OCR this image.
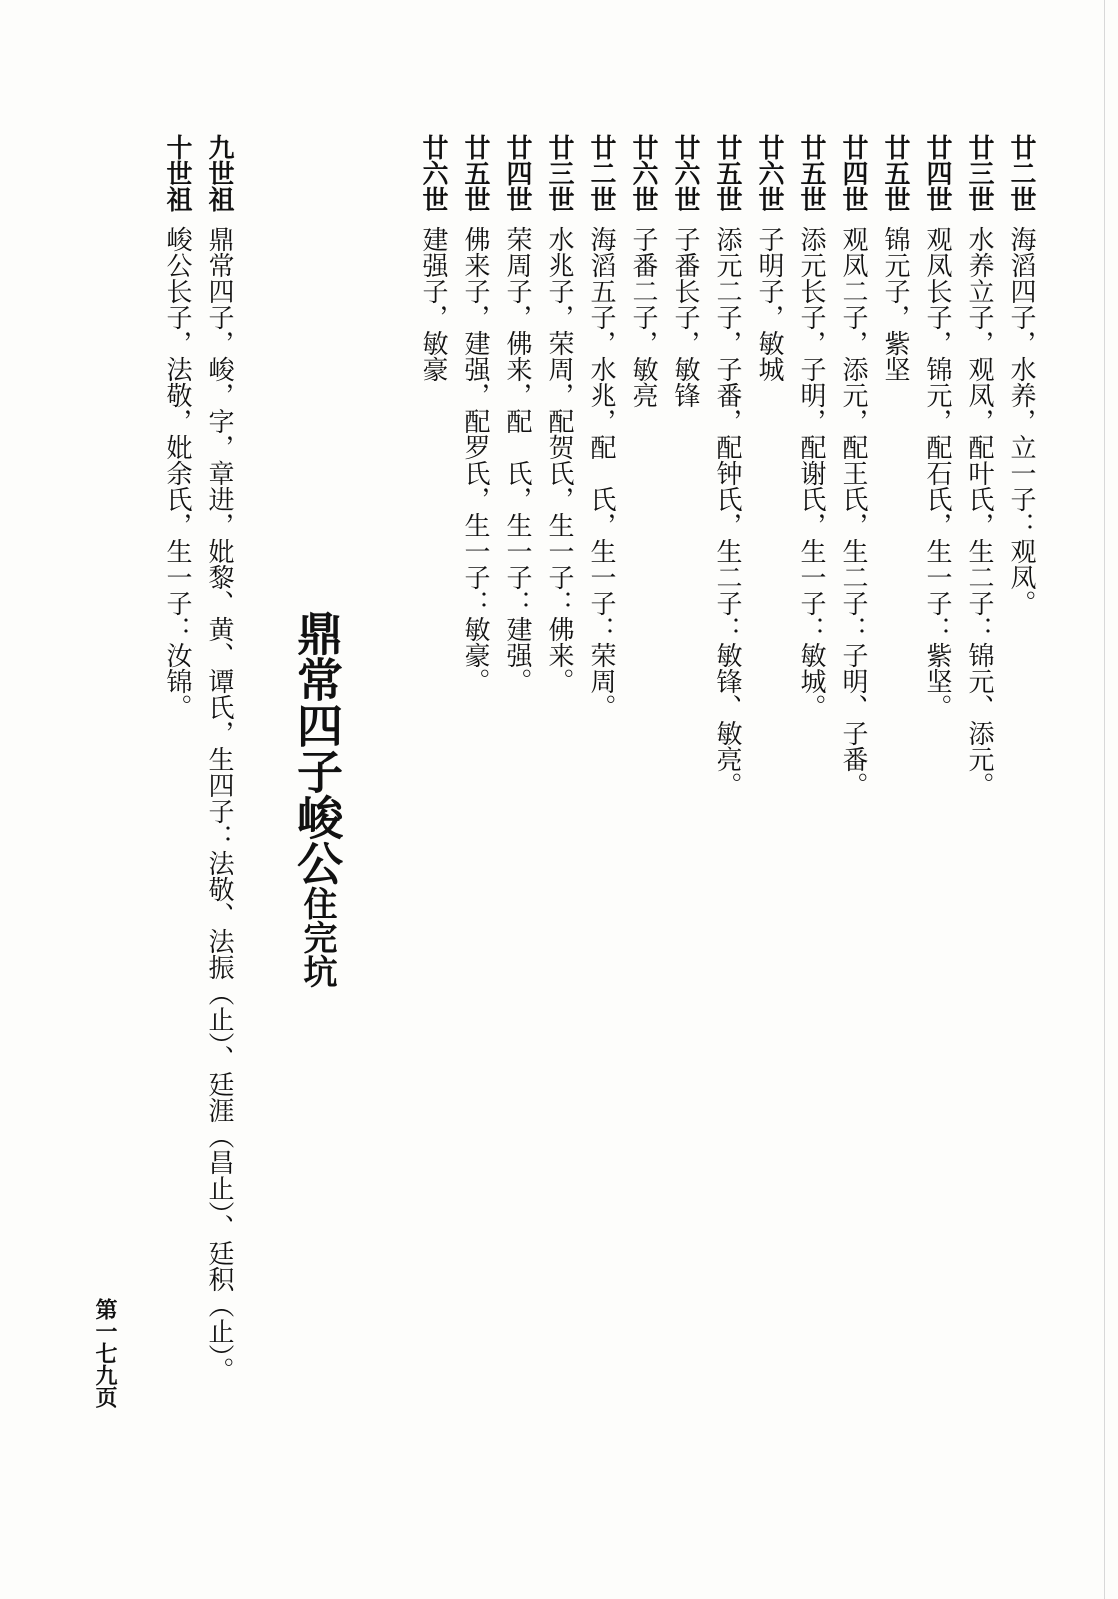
廿二世
海滔四子，水养，立一子：观凤。
廿三世
水养立子，观凤，配叶氏，生二子：锦元、添元。
廿四世
观凤长子，锦元，配石氏，生一子：紫坚。
廿五世
锦元子，紫坚
廿四世
观凤二子，添元，配王氏，生二子：子明、子番。
廿五世
添元长子，子明，配谢氏，生一子：敏城。
廿六世
子明子，敏城
廿五世
添元二子，子番，配钟氏，生二子：敏锋、敏亮。
廿六世
子番长子，敏锋
廿六世
子番二子，敏亮
廿二世
海滔五子，水兆，配　氏，生一子：荣周。
廿三世
水兆子，荣周，配贺氏，生一子：佛来。
廿四世
荣周子，佛来，配　氏，生一子：建强。
廿五世
佛来子，建强，配罗氏，生一子：敏豪。
廿六世
建强子，敏豪
鼎常四子峻公住完坑
九世祖
鼎常四子，峻，字，章进，妣黎、黄、谭氏，生四子：法敬、法振（止）、廷涯（昌止）、廷积（止）。
十世祖
峻公长子，法敬，妣余氏，生一子：汝锦。
第一七九页
